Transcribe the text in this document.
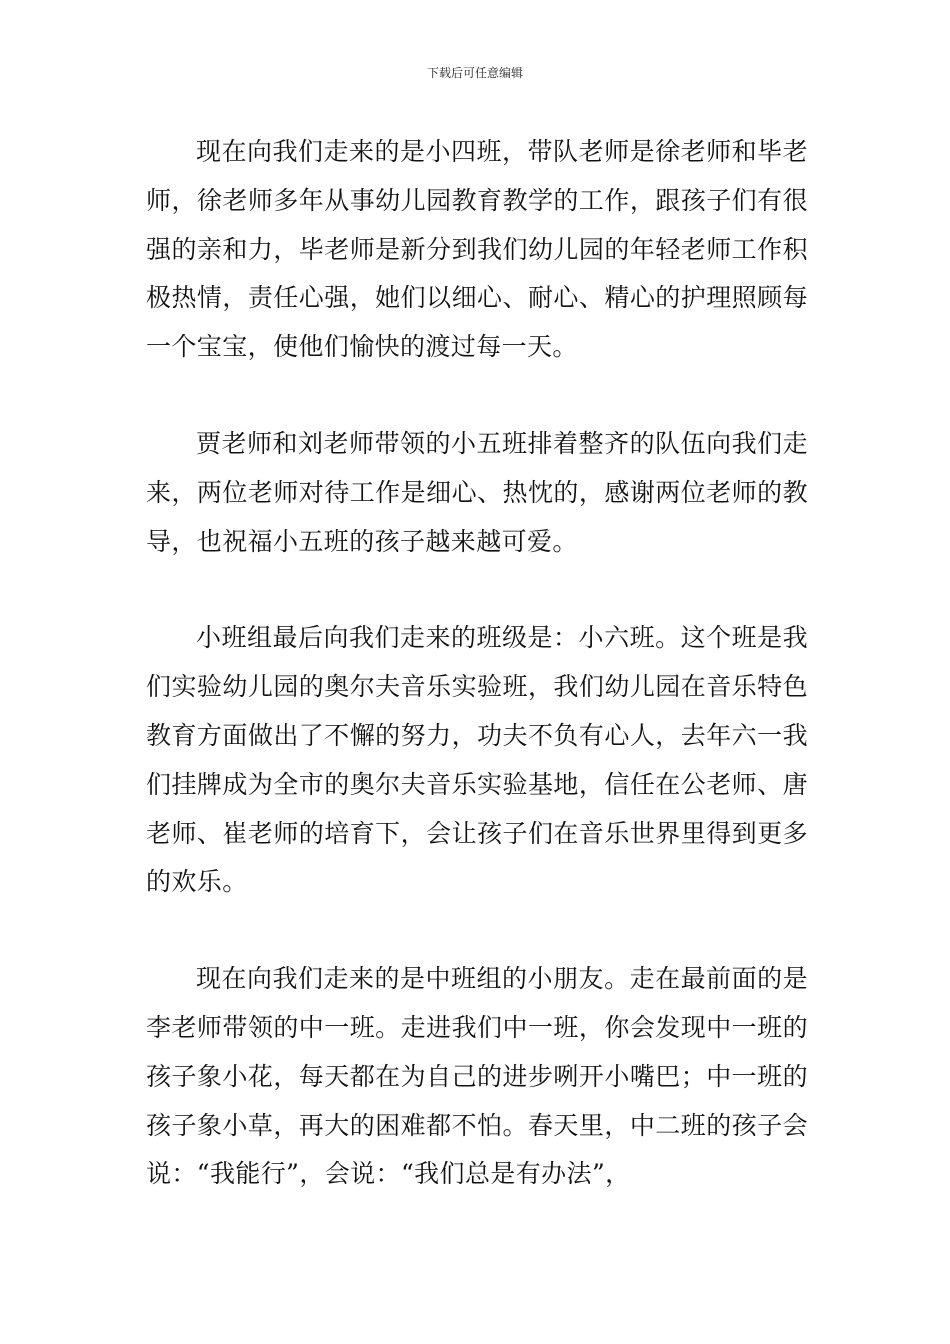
下载后可任意编辑

现在向我们走来的是小四班，带队老师是徐老师和毕老师，徐老师多年从事幼儿园教育教学的工作，跟孩子们有很强的亲和力，毕老师是新分到我们幼儿园的年轻老师工作积极热情，责任心强，她们以细心、耐心、精心的护理照顾每一个宝宝，使他们愉快的渡过每一天。

贾老师和刘老师带领的小五班排着整齐的队伍向我们走来，两位老师对待工作是细心、热忱的，感谢两位老师的教导，也祝福小五班的孩子越来越可爱。

小班组最后向我们走来的班级是：小六班。这个班是我们实验幼儿园的奥尔夫音乐实验班，我们幼儿园在音乐特色教育方面做出了不懈的努力，功夫不负有心人，去年六一我们挂牌成为全市的奥尔夫音乐实验基地，信任在公老师、唐老师、崔老师的培育下，会让孩子们在音乐世界里得到更多的欢乐。

现在向我们走来的是中班组的小朋友。走在最前面的是李老师带领的中一班。走进我们中一班，你会发现中一班的孩子象小花，每天都在为自己的进步咧开小嘴巴；中一班的孩子象小草，再大的困难都不怕。春天里，中二班的孩子会说：“我能行”，会说：“我们总是有办法”，
